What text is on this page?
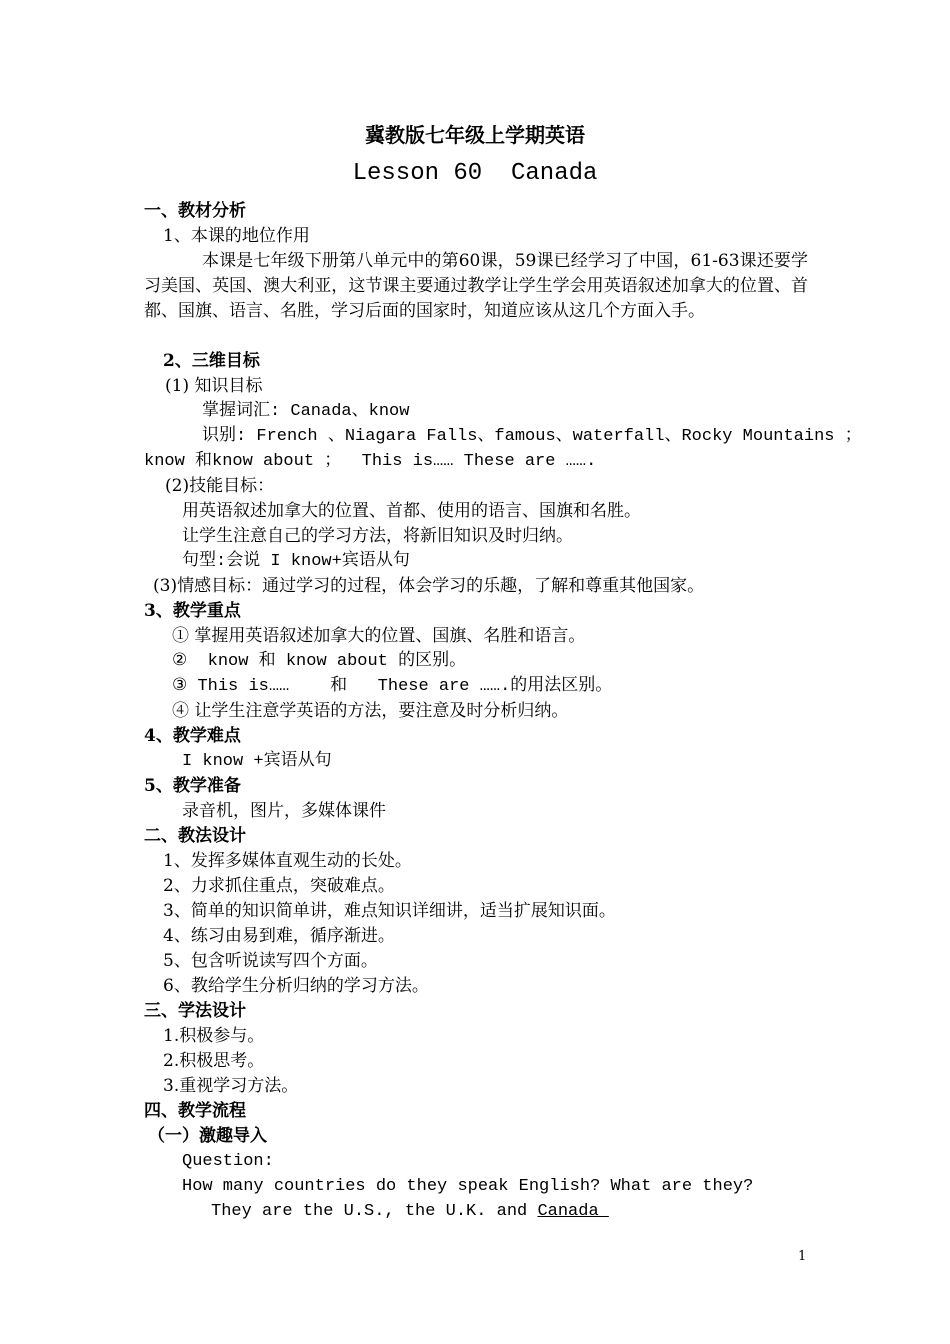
冀教版七年级上学期英语
Lesson 60  Canada
一、教材分析
1、本课的地位作用
本课是七年级下册第八单元中的第60课，59课已经学习了中国，61-63课还要学习美国、英国、澳大利亚，这节课主要通过教学让学生学会用英语叙述加拿大的位置、首都、国旗、语言、名胜，学习后面的国家时，知道应该从这几个方面入手。
2、三维目标
(1) 知识目标
掌握词汇: Canada、know
识别: French 、Niagara Falls、famous、waterfall、Rocky Mountains ；
know 和know about ；  This is…… These are …….
(2)技能目标：
用英语叙述加拿大的位置、首都、使用的语言、国旗和名胜。
让学生注意自己的学习方法，将新旧知识及时归纳。
句型:会说 I know+宾语从句
(3)情感目标：通过学习的过程，体会学习的乐趣，了解和尊重其他国家。
3、教学重点
① 掌握用英语叙述加拿大的位置、国旗、名胜和语言。
②  know 和 know about 的区别。
③ This is……    和   These are …….的用法区别。
④ 让学生注意学英语的方法，要注意及时分析归纳。
4、教学难点
I know +宾语从句
5、教学准备
录音机，图片，多媒体课件
二、教法设计
1、发挥多媒体直观生动的长处。
2、力求抓住重点，突破难点。
3、简单的知识简单讲，难点知识详细讲，适当扩展知识面。
4、练习由易到难，循序渐进。
5、包含听说读写四个方面。
6、教给学生分析归纳的学习方法。
三、学法设计
1.积极参与。
2.积极思考。
3.重视学习方法。
四、教学流程
（一）激趣导入
Question:
How many countries do they speak English? What are they?
They are the U.S., the U.K. and Canada
1
